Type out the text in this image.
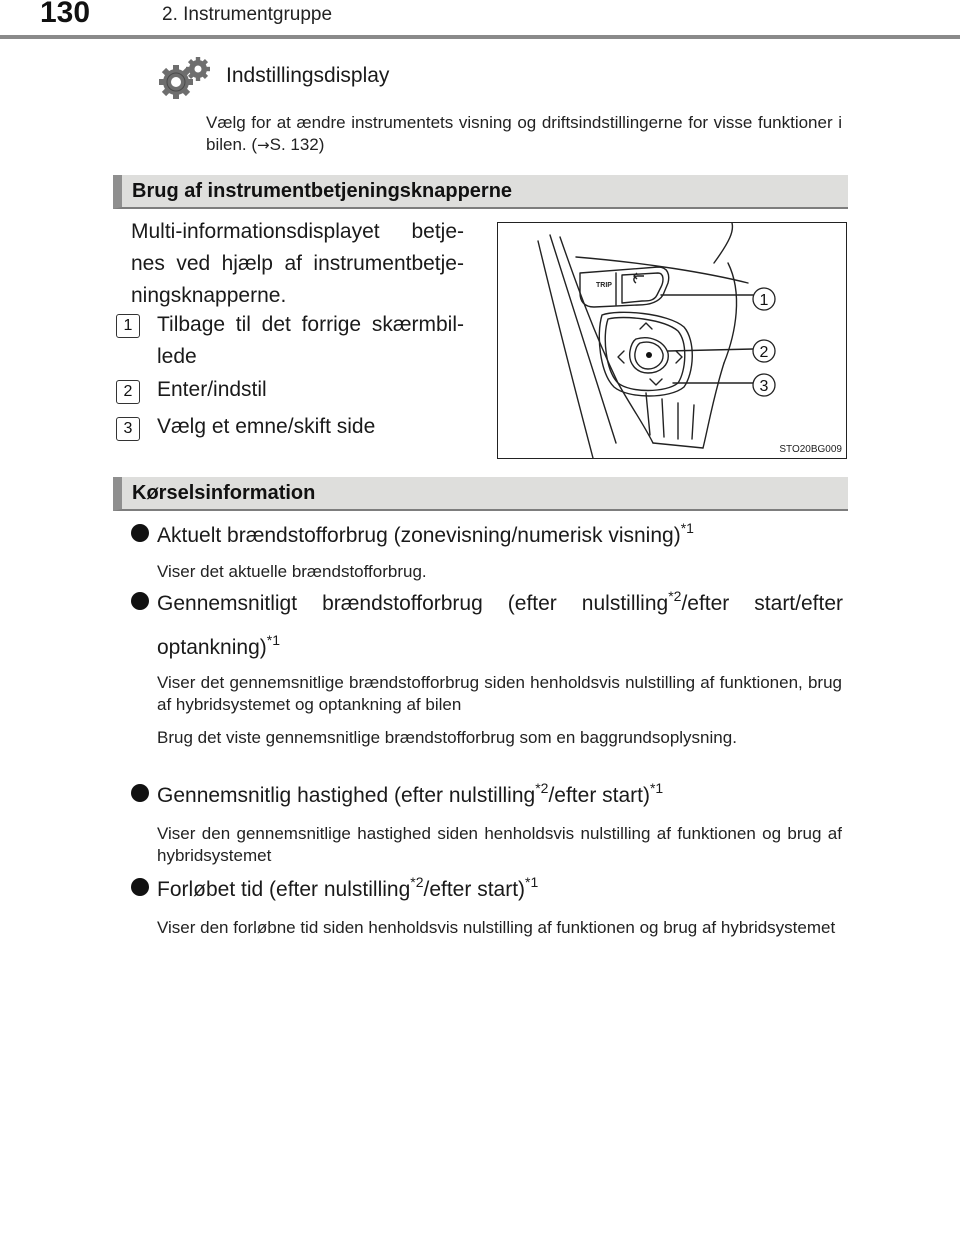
130	2. Instrumentgruppe
Indstillingsdisplay
Vælg for at ændre instrumentets visning og driftsindstillingerne for visse funktioner i bilen. (→S. 132)
Brug af instrumentbetjeningsknapperne
Multi-informationsdisplayet betjenes ved hjælp af instrumentbetjeningsknapperne.
1	Tilbage til det forrige skærmbillede
2	Enter/indstil
3	Vælg et emne/skift side
TRIP
1
2
3
STO20BG009
Kørselsinformation
Aktuelt brændstofforbrug (zonevisning/numerisk visning)$^{*1}$
Viser det aktuelle brændstofforbrug.
Gennemsnitligt brændstofforbrug (efter nulstilling$^{*2}$/efter start/efter optankning)$^{*1}$
Viser det gennemsnitlige brændstofforbrug siden henholdsvis nulstilling af funktionen, brug af hybridsystemet og optankning af bilen
Brug det viste gennemsnitlige brændstofforbrug som en baggrundsoplysning.
Gennemsnitlig hastighed (efter nulstilling$^{*2}$/efter start)$^{*1}$
Viser den gennemsnitlige hastighed siden henholdsvis nulstilling af funktionen og brug af hybridsystemet
Forløbet tid (efter nulstilling$^{*2}$/efter start)$^{*1}$
Viser den forløbne tid siden henholdsvis nulstilling af funktionen og brug af hybridsystemet
